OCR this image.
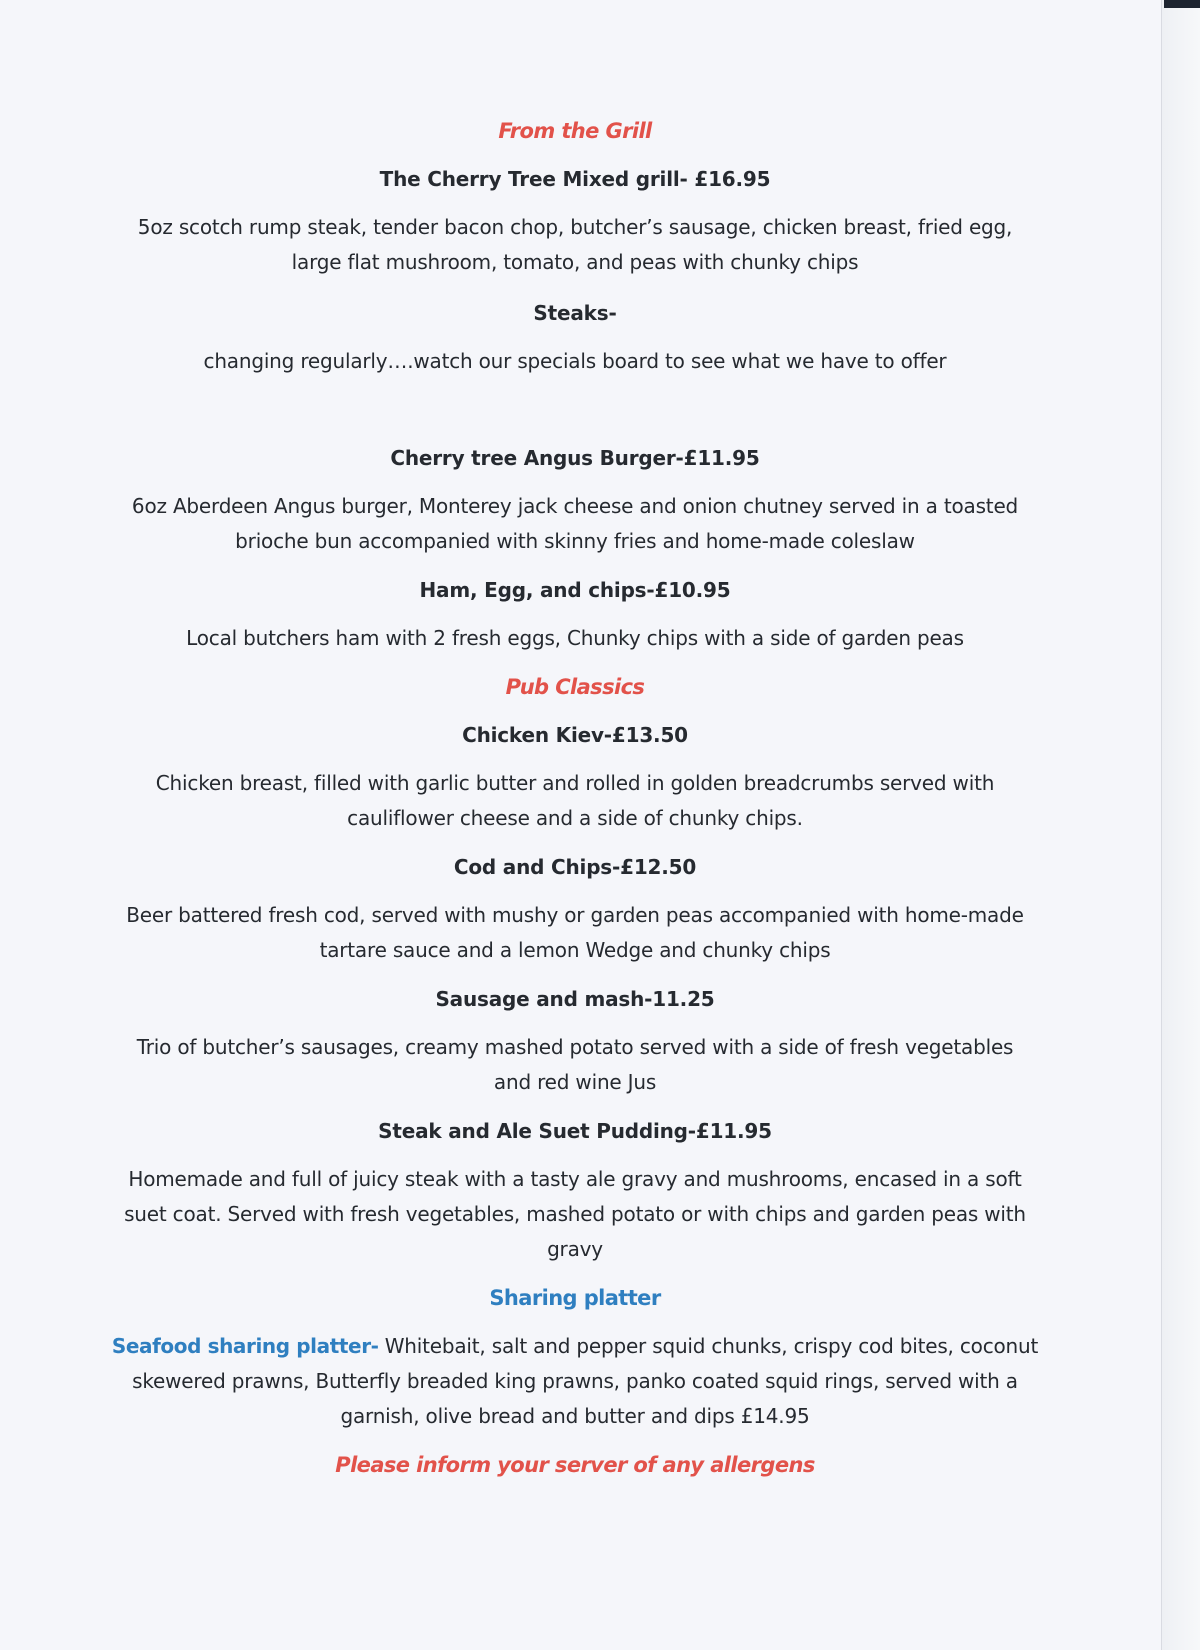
From the Grill

The Cherry Tree Mixed grill- £16.95

5oz scotch rump steak, tender bacon chop, butcher’s sausage, chicken breast, fried egg,

large flat mushroom, tomato, and peas with chunky chips

Steaks-

changing regularly….watch our specials board to see what we have to offer

Cherry tree Angus Burger-£11.95

6oz Aberdeen Angus burger, Monterey jack cheese and onion chutney served in a toasted

brioche bun accompanied with skinny fries and home-made coleslaw

Ham, Egg, and chips-£10.95

Local butchers ham with 2 fresh eggs, Chunky chips with a side of garden peas

Pub Classics

Chicken Kiev-£13.50

Chicken breast, filled with garlic butter and rolled in golden breadcrumbs served with

cauliflower cheese and a side of chunky chips.

Cod and Chips-£12.50

Beer battered fresh cod, served with mushy or garden peas accompanied with home-made

tartare sauce and a lemon Wedge and chunky chips

Sausage and mash-11.25

Trio of butcher’s sausages, creamy mashed potato served with a side of fresh vegetables

and red wine Jus

Steak and Ale Suet Pudding-£11.95

Homemade and full of juicy steak with a tasty ale gravy and mushrooms, encased in a soft

suet coat. Served with fresh vegetables, mashed potato or with chips and garden peas with

gravy

Sharing platter

Seafood sharing platter- Whitebait, salt and pepper squid chunks, crispy cod bites, coconut

skewered prawns, Butterfly breaded king prawns, panko coated squid rings, served with a

garnish, olive bread and butter and dips £14.95

Please inform your server of any allergens
